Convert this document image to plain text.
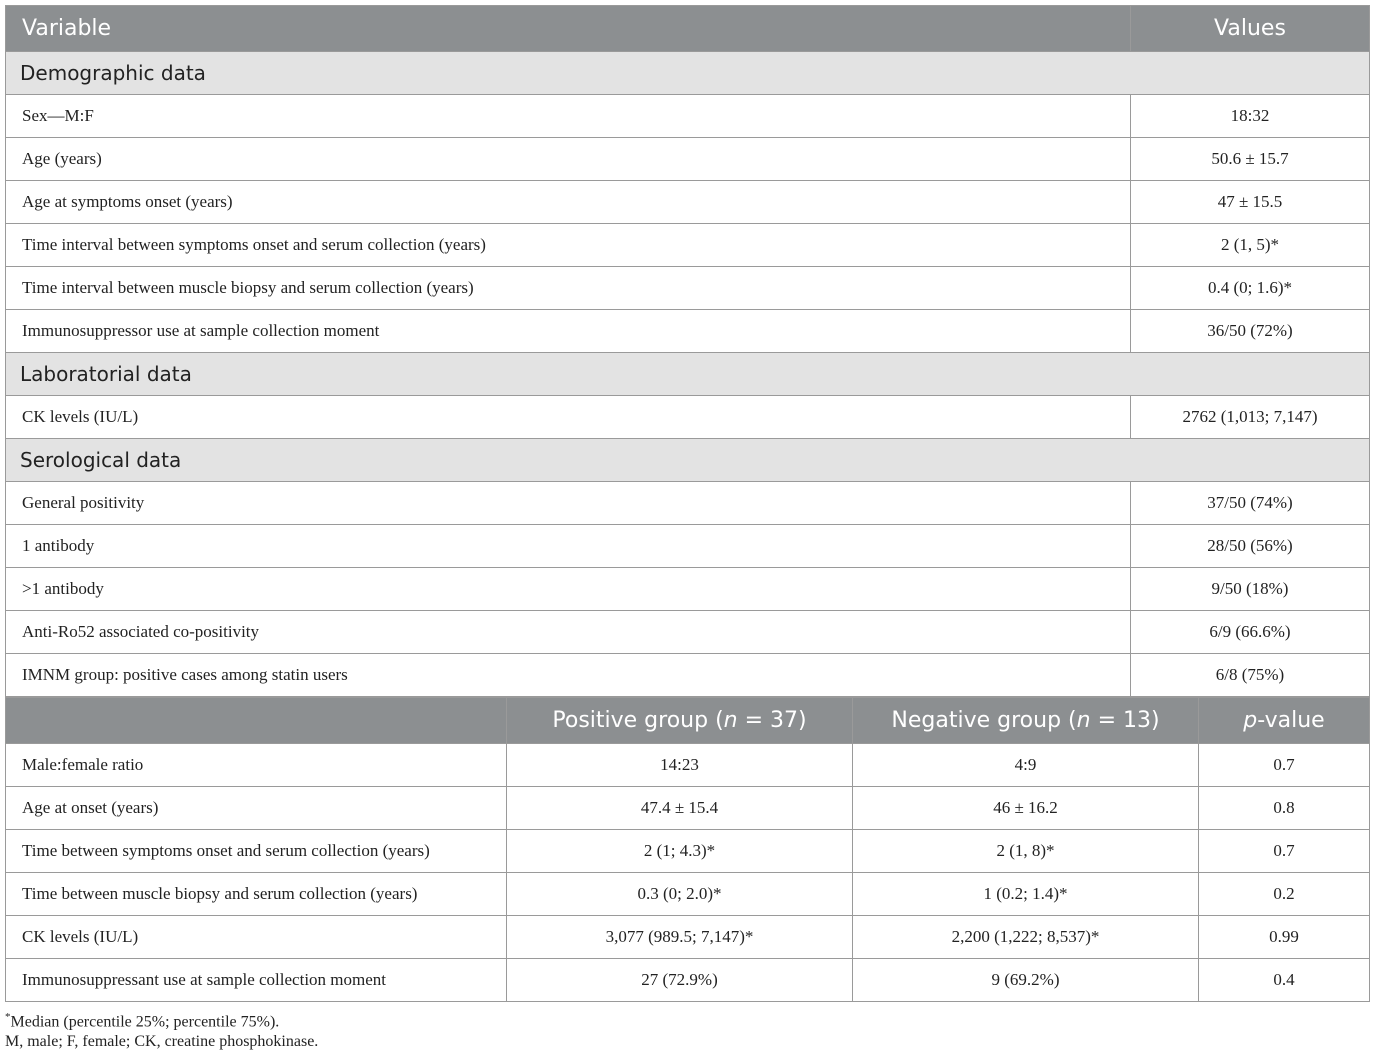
Variable	Values
Demographic data	
Sex—M:F	18:32
Age (years)	50.6 ± 15.7
Age at symptoms onset (years)	47 ± 15.5
Time interval between symptoms onset and serum collection (years)	2 (1, 5)*
Time interval between muscle biopsy and serum collection (years)	0.4 (0; 1.6)*
Immunosuppressor use at sample collection moment	36/50 (72%)
Laboratorial data	
CK levels (IU/L)	2762 (1,013; 7,147)
Serological data	
General positivity	37/50 (74%)
1 antibody	28/50 (56%)
>1 antibody	9/50 (18%)
Anti-Ro52 associated co-positivity	6/9 (66.6%)
IMNM group: positive cases among statin users	6/8 (75%)
	Positive group (n = 37)	Negative group (n = 13)	p-value
Male:female ratio	14:23	4:9	0.7
Age at onset (years)	47.4 ± 15.4	46 ± 16.2	0.8
Time between symptoms onset and serum collection (years)	2 (1; 4.3)*	2 (1, 8)*	0.7
Time between muscle biopsy and serum collection (years)	0.3 (0; 2.0)*	1 (0.2; 1.4)*	0.2
CK levels (IU/L)	3,077 (989.5; 7,147)*	2,200 (1,222; 8,537)*	0.99
Immunosuppressant use at sample collection moment	27 (72.9%)	9 (69.2%)	0.4
*Median (percentile 25%; percentile 75%).
M, male; F, female; CK, creatine phosphokinase.
